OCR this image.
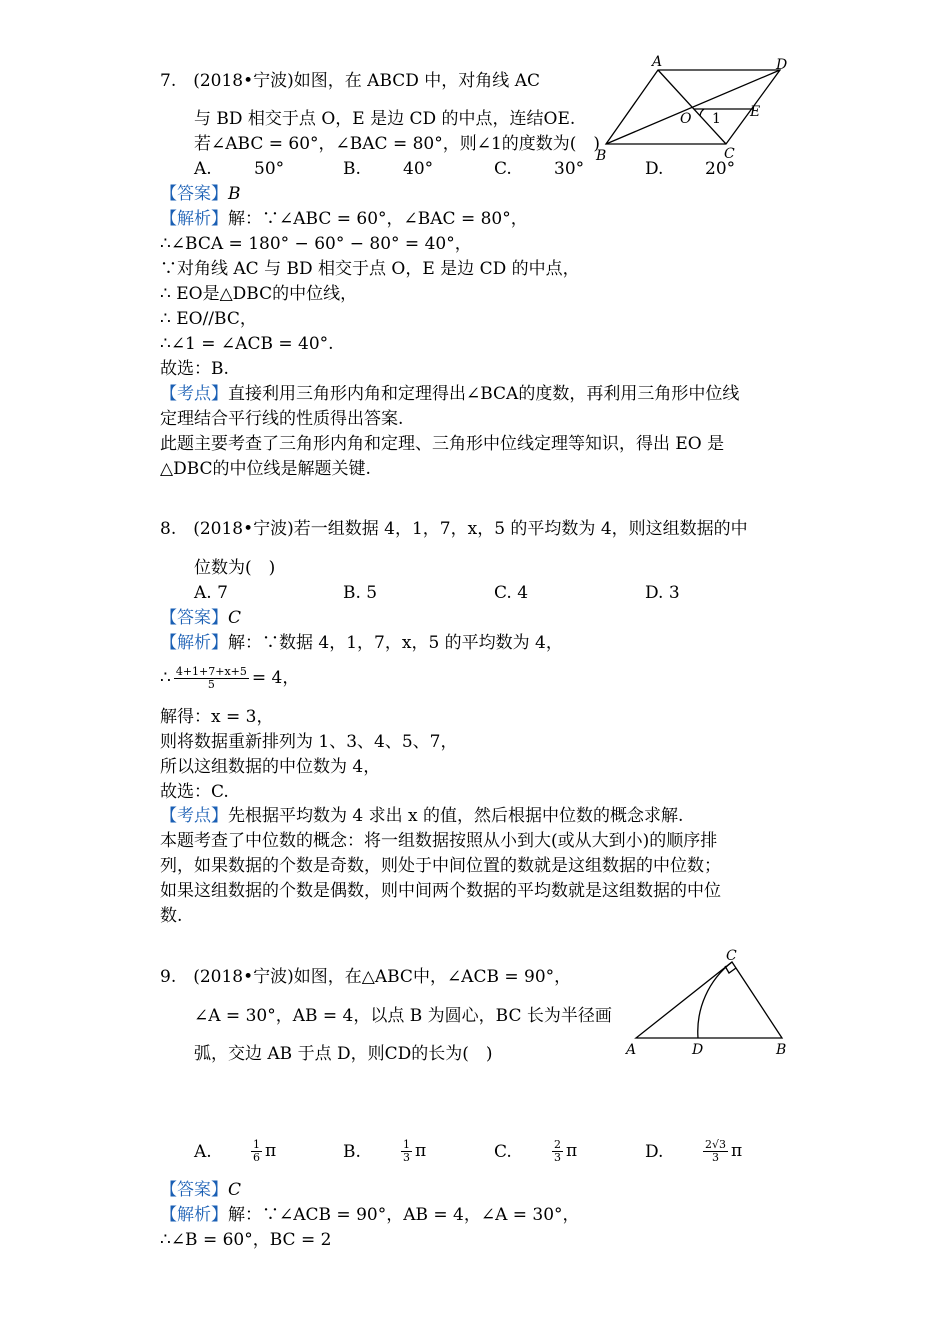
7.　(2018•宁波)如图，在 ABCD 中，对角线 AC
与 BD 相交于点 O，E 是边 CD 的中点，连结OE.
若∠ABC = 60°，∠BAC = 80°，则∠1的度数为(　)
A. 50°	B. 40°	C. 30°	D. 20°
A	D
O 1 E
B	C
【答案】B
【解析】解：∵∠ABC = 60°，∠BAC = 80°，
∴∠BCA = 180° − 60° − 80° = 40°，
∵对角线 AC 与 BD 相交于点 O，E 是边 CD 的中点，
∴ EO是△DBC的中位线，
∴ EO//BC，
∴∠1 = ∠ACB = 40°.
故选：B.
【考点】直接利用三角形内角和定理得出∠BCA的度数，再利用三角形中位线
定理结合平行线的性质得出答案.
此题主要考查了三角形内角和定理、三角形中位线定理等知识，得出 EO 是
△DBC的中位线是解题关键.
8.　(2018•宁波)若一组数据 4，1，7，x，5 的平均数为 4，则这组数据的中
位数为(　)
A. 7	B. 5	C. 4	D. 3
【答案】C
【解析】解：∵数据 4，1，7，x，5 的平均数为 4，
∴ $\frac{4+1+7+x+5}{5} = 4$，
解得：x = 3，
则将数据重新排列为 1、3、4、5、7，
所以这组数据的中位数为 4，
故选：C.
【考点】先根据平均数为 4 求出 x 的值，然后根据中位数的概念求解.
本题考查了中位数的概念：将一组数据按照从小到大(或从大到小)的顺序排
列，如果数据的个数是奇数，则处于中间位置的数就是这组数据的中位数；
如果这组数据的个数是偶数，则中间两个数据的平均数就是这组数据的中位
数.
9.　(2018•宁波)如图，在△ABC中，∠ACB = 90°，
∠A = 30°，AB = 4，以点 B 为圆心，BC 长为半径画
弧，交边 AB 于点 D，则CD的长为(　)
C
A	D	B
A.	$\frac{1}{6}$ π	B.	$\frac{1}{3}$ π	C.	$\frac{2}{3}$ π	D.	$\frac{2√3}{3}$ π
【答案】C
【解析】解：∵∠ACB = 90°，AB = 4，∠A = 30°，
∴∠B = 60°，BC = 2
